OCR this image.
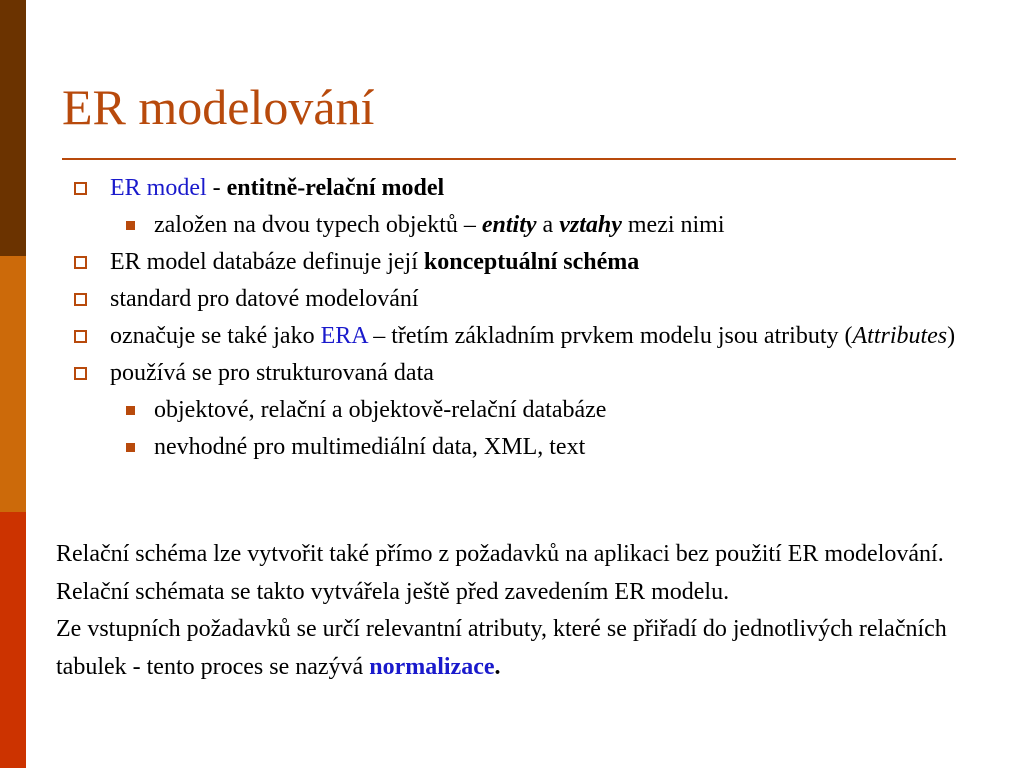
ER modelování
ER model - entitně-relační model
založen na dvou typech objektů – entity a vztahy mezi nimi
ER model databáze definuje její konceptuální schéma
standard pro datové modelování
označuje se také jako ERA – třetím základním prvkem modelu jsou atributy (Attributes)
používá se pro strukturovaná data
objektové, relační a objektově-relační databáze
nevhodné pro multimediální data, XML, text

Relační schéma lze vytvořit také přímo z požadavků na aplikaci bez použití ER modelování. Relační schémata se takto vytvářela ještě před zavedením ER modelu.

Ze vstupních požadavků se určí relevantní atributy, které se přiřadí do jednotlivých relačních tabulek - tento proces se nazývá normalizace.
